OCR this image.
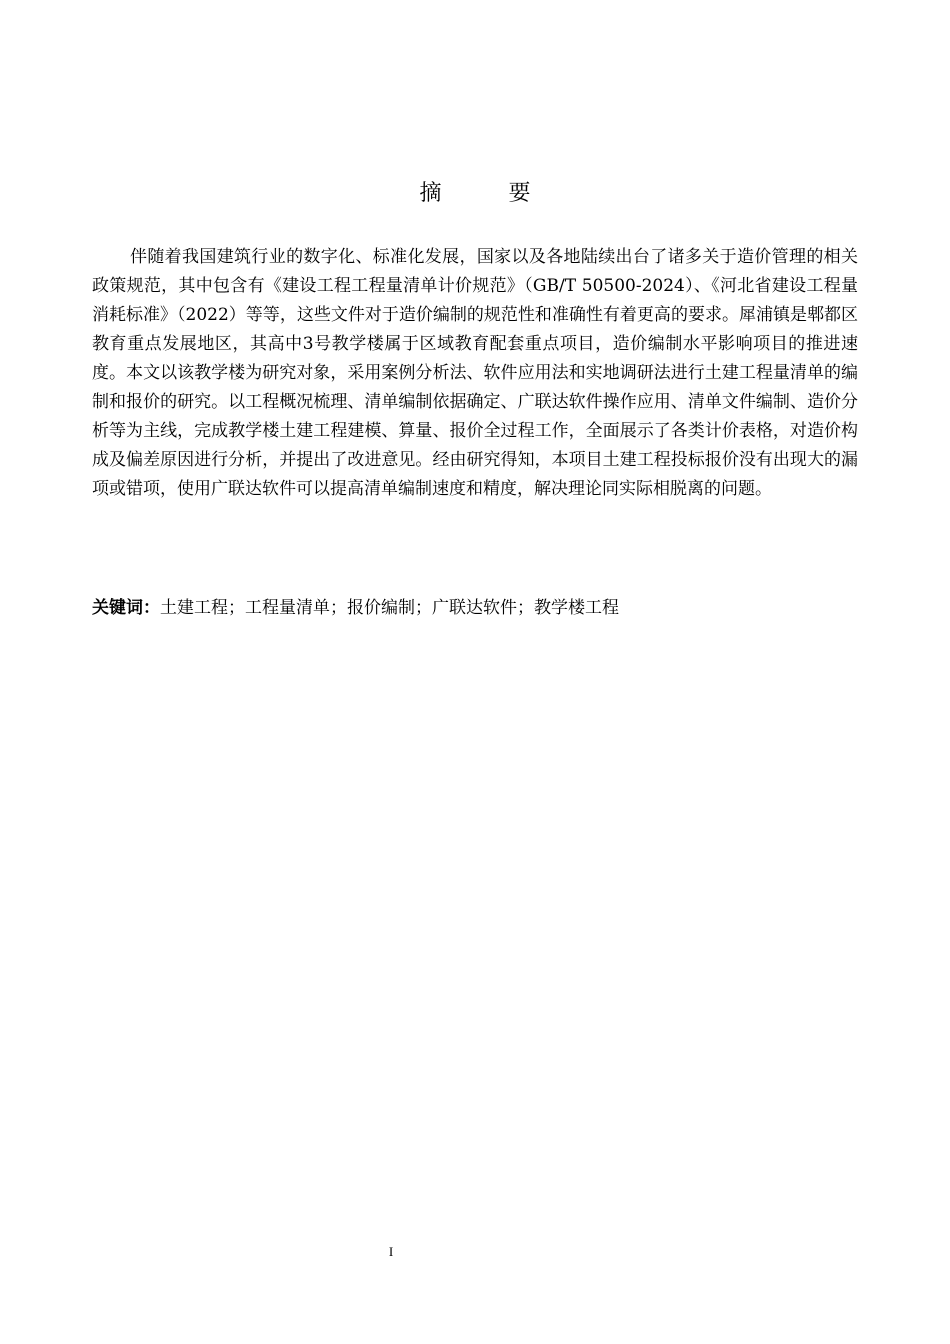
摘 要

伴随着我国建筑行业的数字化、标准化发展，国家以及各地陆续出台了诸多关于造价管理的相关政策规范，其中包含有《建设工程工程量清单计价规范》（GB/T 50500-2024）、《河北省建设工程量消耗标准》（2022）等等，这些文件对于造价编制的规范性和准确性有着更高的要求。犀浦镇是郫都区教育重点发展地区，其高中3号教学楼属于区域教育配套重点项目，造价编制水平影响项目的推进速度。本文以该教学楼为研究对象，采用案例分析法、软件应用法和实地调研法进行土建工程量清单的编制和报价的研究。以工程概况梳理、清单编制依据确定、广联达软件操作应用、清单文件编制、造价分析等为主线，完成教学楼土建工程建模、算量、报价全过程工作，全面展示了各类计价表格，对造价构成及偏差原因进行分析，并提出了改进意见。经由研究得知，本项目土建工程投标报价没有出现大的漏项或错项，使用广联达软件可以提高清单编制速度和精度，解决理论同实际相脱离的问题。

关键词：土建工程；工程量清单；报价编制；广联达软件；教学楼工程

I
